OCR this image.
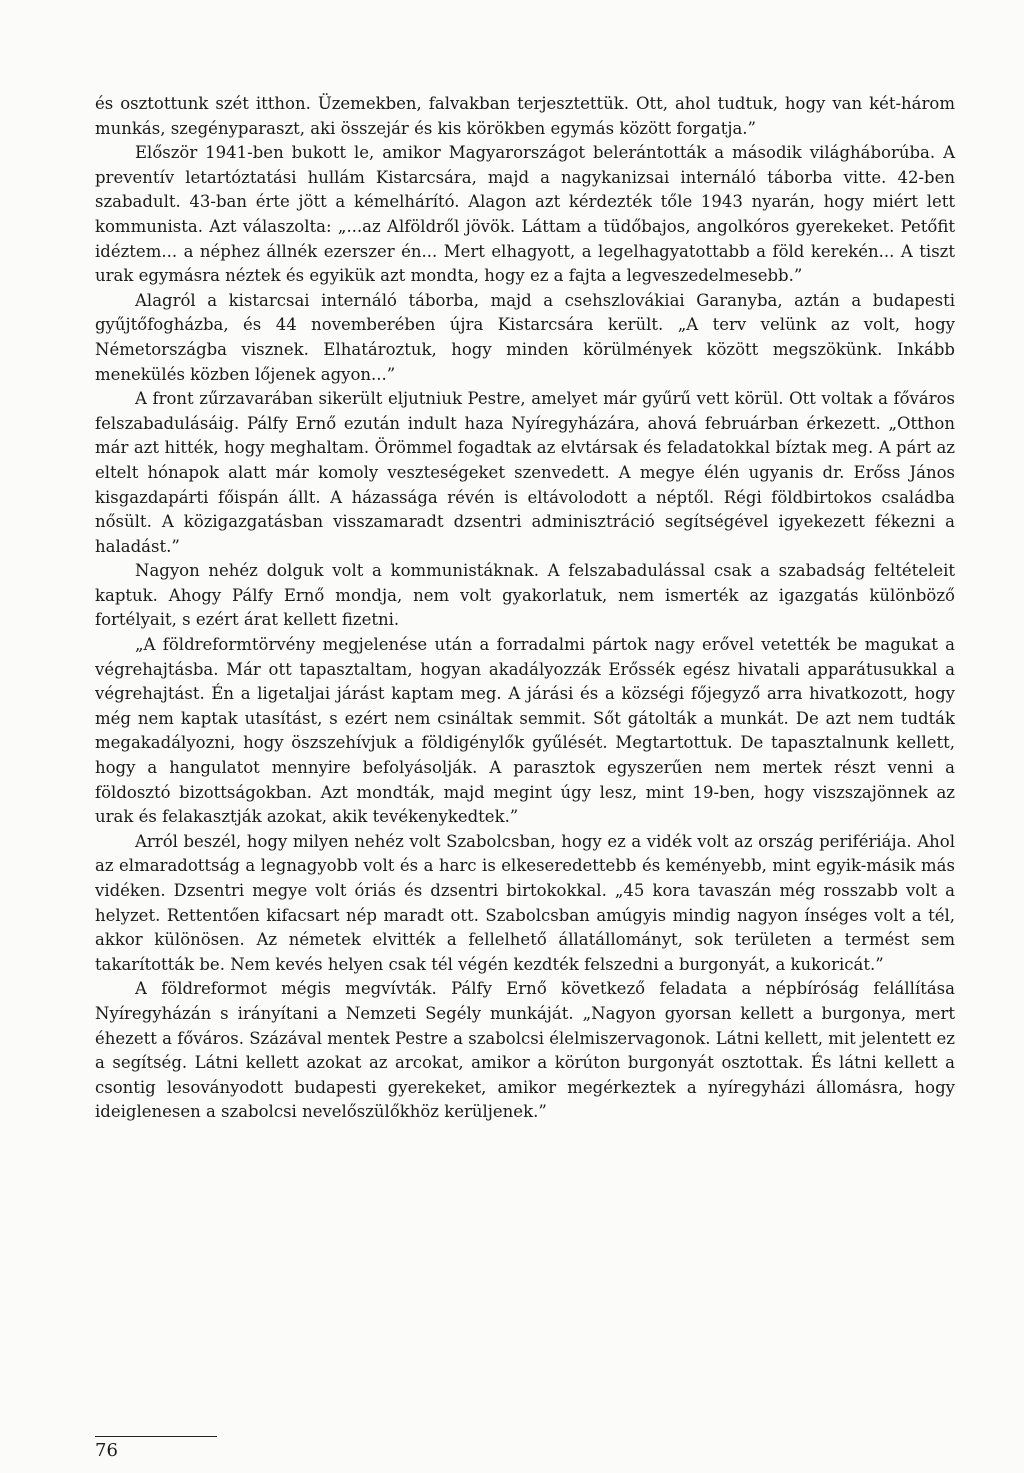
és osztottunk szét itthon. Üzemekben, falvakban terjesztettük. Ott, ahol tudtuk, hogy van két-három munkás, szegényparaszt, aki összejár és kis körökben egymás között forgatja.”

Először 1941-ben bukott le, amikor Magyarországot belerántották a második világháborúba. A preventív letartóztatási hullám Kistarcsára, majd a nagykanizsai internáló táborba vitte. 42-ben szabadult. 43-ban érte jött a kémelhárító. Alagon azt kérdezték tőle 1943 nyarán, hogy miért lett kommunista. Azt válaszolta: „...az Alföldről jövök. Láttam a tüdőbajos, angolkóros gyerekeket. Petőfit idéztem... a néphez állnék ezerszer én... Mert elhagyott, a legelhagyatottabb a föld kerekén... A tiszt urak egymásra néztek és egyikük azt mondta, hogy ez a fajta a legveszedelmesebb.”

Alagról a kistarcsai internáló táborba, majd a csehszlovákiai Garanyba, aztán a budapesti gyűjtőfogházba, és 44 novemberében újra Kistarcsára került. „A terv velünk az volt, hogy Németországba visznek. Elhatároztuk, hogy minden körülmények között megszökünk. Inkább menekülés közben lőjenek agyon...”

A front zűrzavarában sikerült eljutniuk Pestre, amelyet már gyűrű vett körül. Ott voltak a főváros felszabadulásáig. Pálfy Ernő ezután indult haza Nyíregyházára, ahová februárban érkezett. „Otthon már azt hitték, hogy meghaltam. Örömmel fogadtak az elvtársak és feladatokkal bíztak meg. A párt az eltelt hónapok alatt már komoly veszteségeket szenvedett. A megye élén ugyanis dr. Erőss János kisgazdapárti főispán állt. A házassága révén is eltávolodott a néptől. Régi földbirtokos családba nősült. A közigazgatásban visszamaradt dzsentri adminisztráció segítségével igyekezett fékezni a haladást.”

Nagyon nehéz dolguk volt a kommunistáknak. A felszabadulással csak a szabadság feltételeit kaptuk. Ahogy Pálfy Ernő mondja, nem volt gyakorlatuk, nem ismerték az igazgatás különböző fortélyait, s ezért árat kellett fizetni.

„A földreformtörvény megjelenése után a forradalmi pártok nagy erővel vetették be magukat a végrehajtásba. Már ott tapasztaltam, hogyan akadályozzák Erőssék egész hivatali apparátusukkal a végrehajtást. Én a ligetaljai járást kaptam meg. A járási és a községi főjegyző arra hivatkozott, hogy még nem kaptak utasítást, s ezért nem csináltak semmit. Sőt gátolták a munkát. De azt nem tudták megakadályozni, hogy öszszehívjuk a földigénylők gyűlését. Megtartottuk. De tapasztalnunk kellett, hogy a hangulatot mennyire befolyásolják. A parasztok egyszerűen nem mertek részt venni a földosztó bizottságokban. Azt mondták, majd megint úgy lesz, mint 19-ben, hogy viszszajönnek az urak és felakasztják azokat, akik tevékenykedtek.”

Arról beszél, hogy milyen nehéz volt Szabolcsban, hogy ez a vidék volt az ország perifériája. Ahol az elmaradottság a legnagyobb volt és a harc is elkeseredettebb és keményebb, mint egyik-másik más vidéken. Dzsentri megye volt óriás és dzsentri birtokokkal. „45 kora tavaszán még rosszabb volt a helyzet. Rettentően kifacsart nép maradt ott. Szabolcsban amúgyis mindig nagyon ínséges volt a tél, akkor különösen. Az németek elvitték a fellelhető állatállományt, sok területen a termést sem takarították be. Nem kevés helyen csak tél végén kezdték felszedni a burgonyát, a kukoricát.”

A földreformot mégis megvívták. Pálfy Ernő következő feladata a népbíróság felállítása Nyíregyházán s irányítani a Nemzeti Segély munkáját. „Nagyon gyorsan kellett a burgonya, mert éhezett a főváros. Százával mentek Pestre a szabolcsi élelmiszervagonok. Látni kellett, mit jelentett ez a segítség. Látni kellett azokat az arcokat, amikor a körúton burgonyát osztottak. És látni kellett a csontig lesoványodott budapesti gyerekeket, amikor megérkeztek a nyíregyházi állomásra, hogy ideiglenesen a szabolcsi nevelőszülőkhöz kerüljenek.”

76
